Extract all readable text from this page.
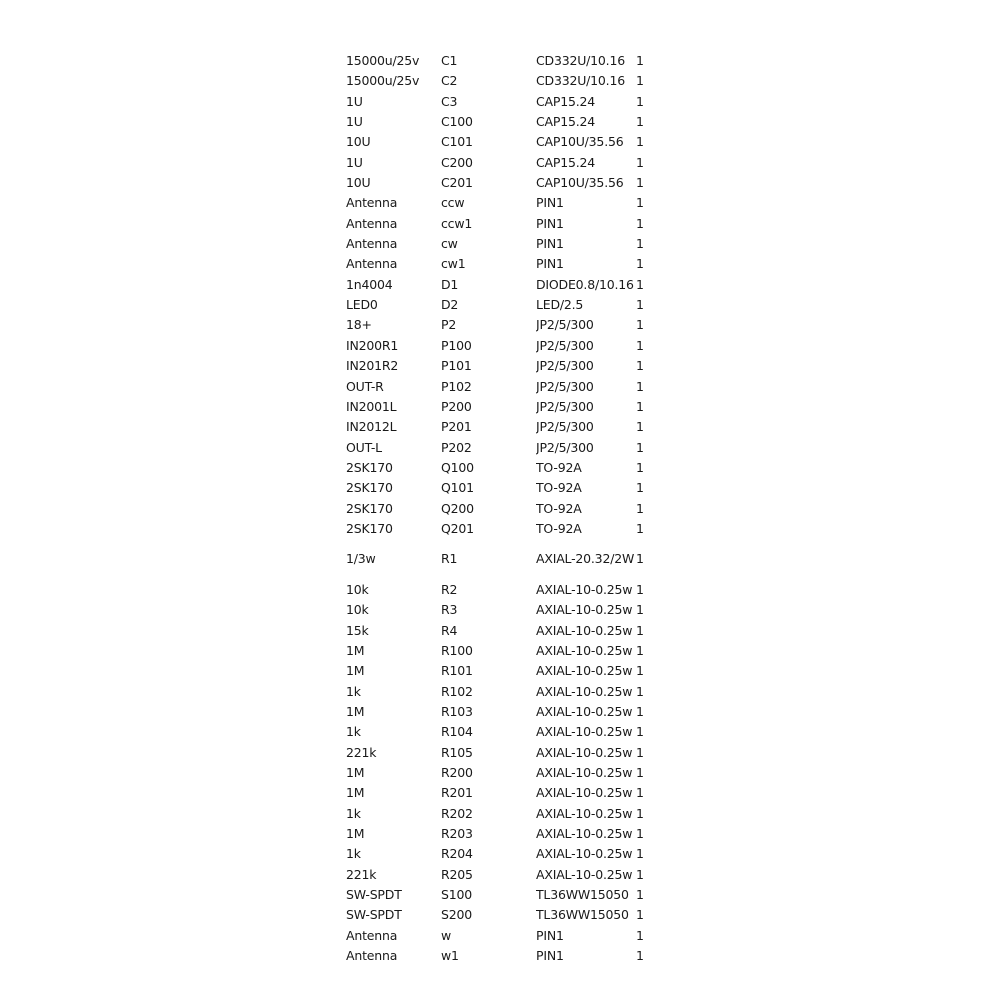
15000u/25v	C1	CD332U/10.16	1
15000u/25v	C2	CD332U/10.16	1
1U	C3	CAP15.24	1
1U	C100	CAP15.24	1
10U	C101	CAP10U/35.56	1
1U	C200	CAP15.24	1
10U	C201	CAP10U/35.56	1
Antenna	ccw	PIN1	1
Antenna	ccw1	PIN1	1
Antenna	cw	PIN1	1
Antenna	cw1	PIN1	1
1n4004	D1	DIODE0.8/10.16	1
LED0	D2	LED/2.5	1
18+	P2	JP2/5/300	1
IN200R1	P100	JP2/5/300	1
IN201R2	P101	JP2/5/300	1
OUT-R	P102	JP2/5/300	1
IN2001L	P200	JP2/5/300	1
IN2012L	P201	JP2/5/300	1
OUT-L	P202	JP2/5/300	1
2SK170	Q100	TO-92A	1
2SK170	Q101	TO-92A	1
2SK170	Q200	TO-92A	1
2SK170	Q201	TO-92A	1
1/3w	R1	AXIAL-20.32/2W	1
10k	R2	AXIAL-10-0.25w	1
10k	R3	AXIAL-10-0.25w	1
15k	R4	AXIAL-10-0.25w	1
1M	R100	AXIAL-10-0.25w	1
1M	R101	AXIAL-10-0.25w	1
1k	R102	AXIAL-10-0.25w	1
1M	R103	AXIAL-10-0.25w	1
1k	R104	AXIAL-10-0.25w	1
221k	R105	AXIAL-10-0.25w	1
1M	R200	AXIAL-10-0.25w	1
1M	R201	AXIAL-10-0.25w	1
1k	R202	AXIAL-10-0.25w	1
1M	R203	AXIAL-10-0.25w	1
1k	R204	AXIAL-10-0.25w	1
221k	R205	AXIAL-10-0.25w	1
SW-SPDT	S100	TL36WW15050	1
SW-SPDT	S200	TL36WW15050	1
Antenna	w	PIN1	1
Antenna	w1	PIN1	1
